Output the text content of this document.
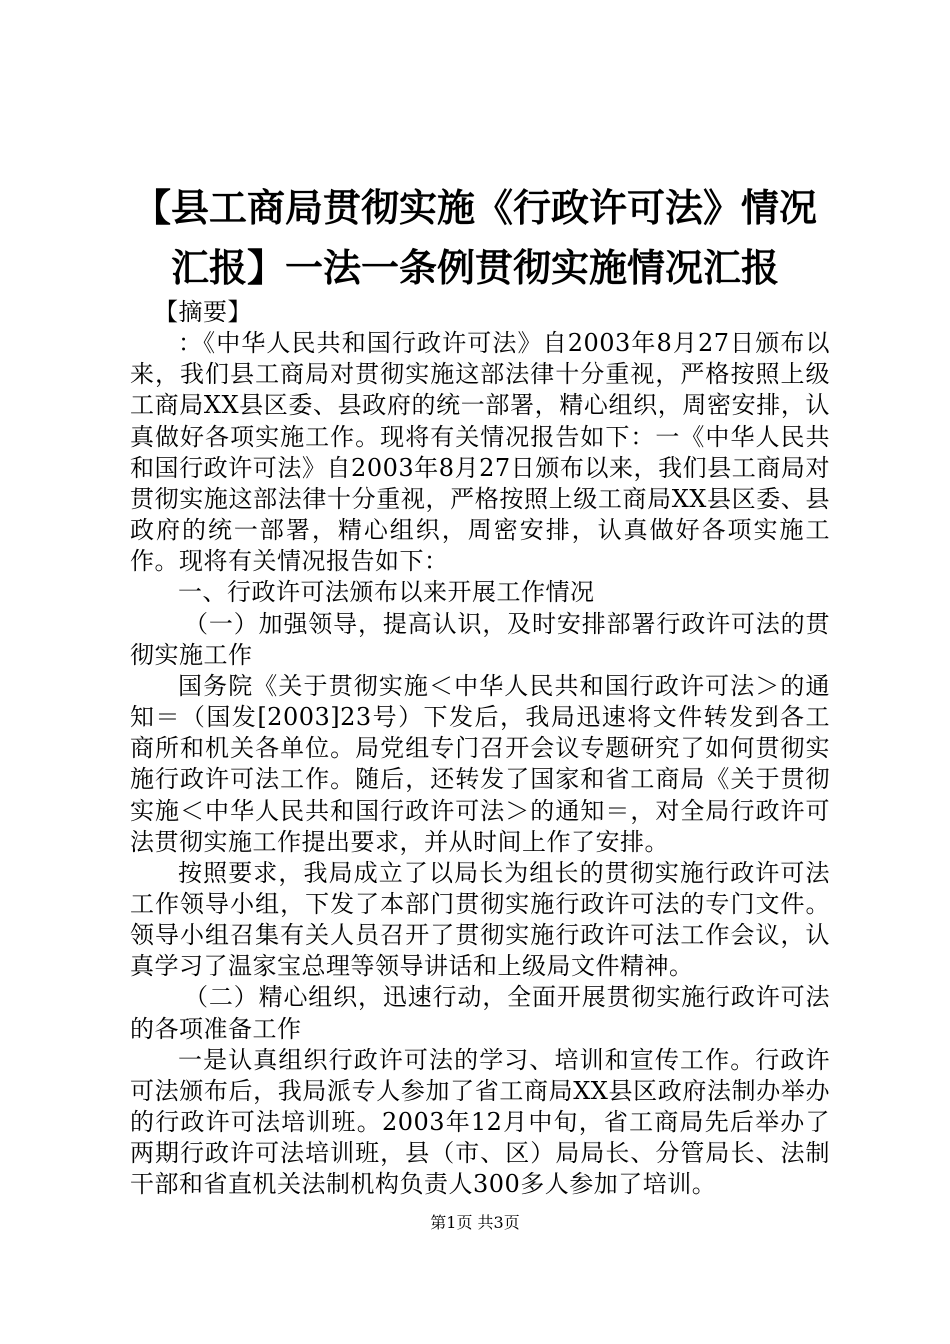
【县工商局贯彻实施《行政许可法》情况汇报】一法一条例贯彻实施情况汇报

【摘要】

：《中华人民共和国行政许可法》自2003年8月27日颁布以来，我们县工商局对贯彻实施这部法律十分重视，严格按照上级工商局XX县区委、县政府的统一部署，精心组织，周密安排，认真做好各项实施工作。现将有关情况报告如下：一《中华人民共和国行政许可法》自2003年8月27日颁布以来，我们县工商局对贯彻实施这部法律十分重视，严格按照上级工商局XX县区委、县政府的统一部署，精心组织，周密安排，认真做好各项实施工作。现将有关情况报告如下：

一、行政许可法颁布以来开展工作情况

（一）加强领导，提高认识，及时安排部署行政许可法的贯彻实施工作

国务院《关于贯彻实施＜中华人民共和国行政许可法＞的通知＝（国发[2003]23号）下发后，我局迅速将文件转发到各工商所和机关各单位。局党组专门召开会议专题研究了如何贯彻实施行政许可法工作。随后，还转发了国家和省工商局《关于贯彻实施＜中华人民共和国行政许可法＞的通知＝，对全局行政许可法贯彻实施工作提出要求，并从时间上作了安排。

按照要求，我局成立了以局长为组长的贯彻实施行政许可法工作领导小组，下发了本部门贯彻实施行政许可法的专门文件。领导小组召集有关人员召开了贯彻实施行政许可法工作会议，认真学习了温家宝总理等领导讲话和上级局文件精神。

（二）精心组织，迅速行动，全面开展贯彻实施行政许可法的各项准备工作

一是认真组织行政许可法的学习、培训和宣传工作。行政许可法颁布后，我局派专人参加了省工商局XX县区政府法制办举办的行政许可法培训班。2003年12月中旬，省工商局先后举办了两期行政许可法培训班，县（市、区）局局长、分管局长、法制干部和省直机关法制机构负责人300多人参加了培训。

第1页 共3页
